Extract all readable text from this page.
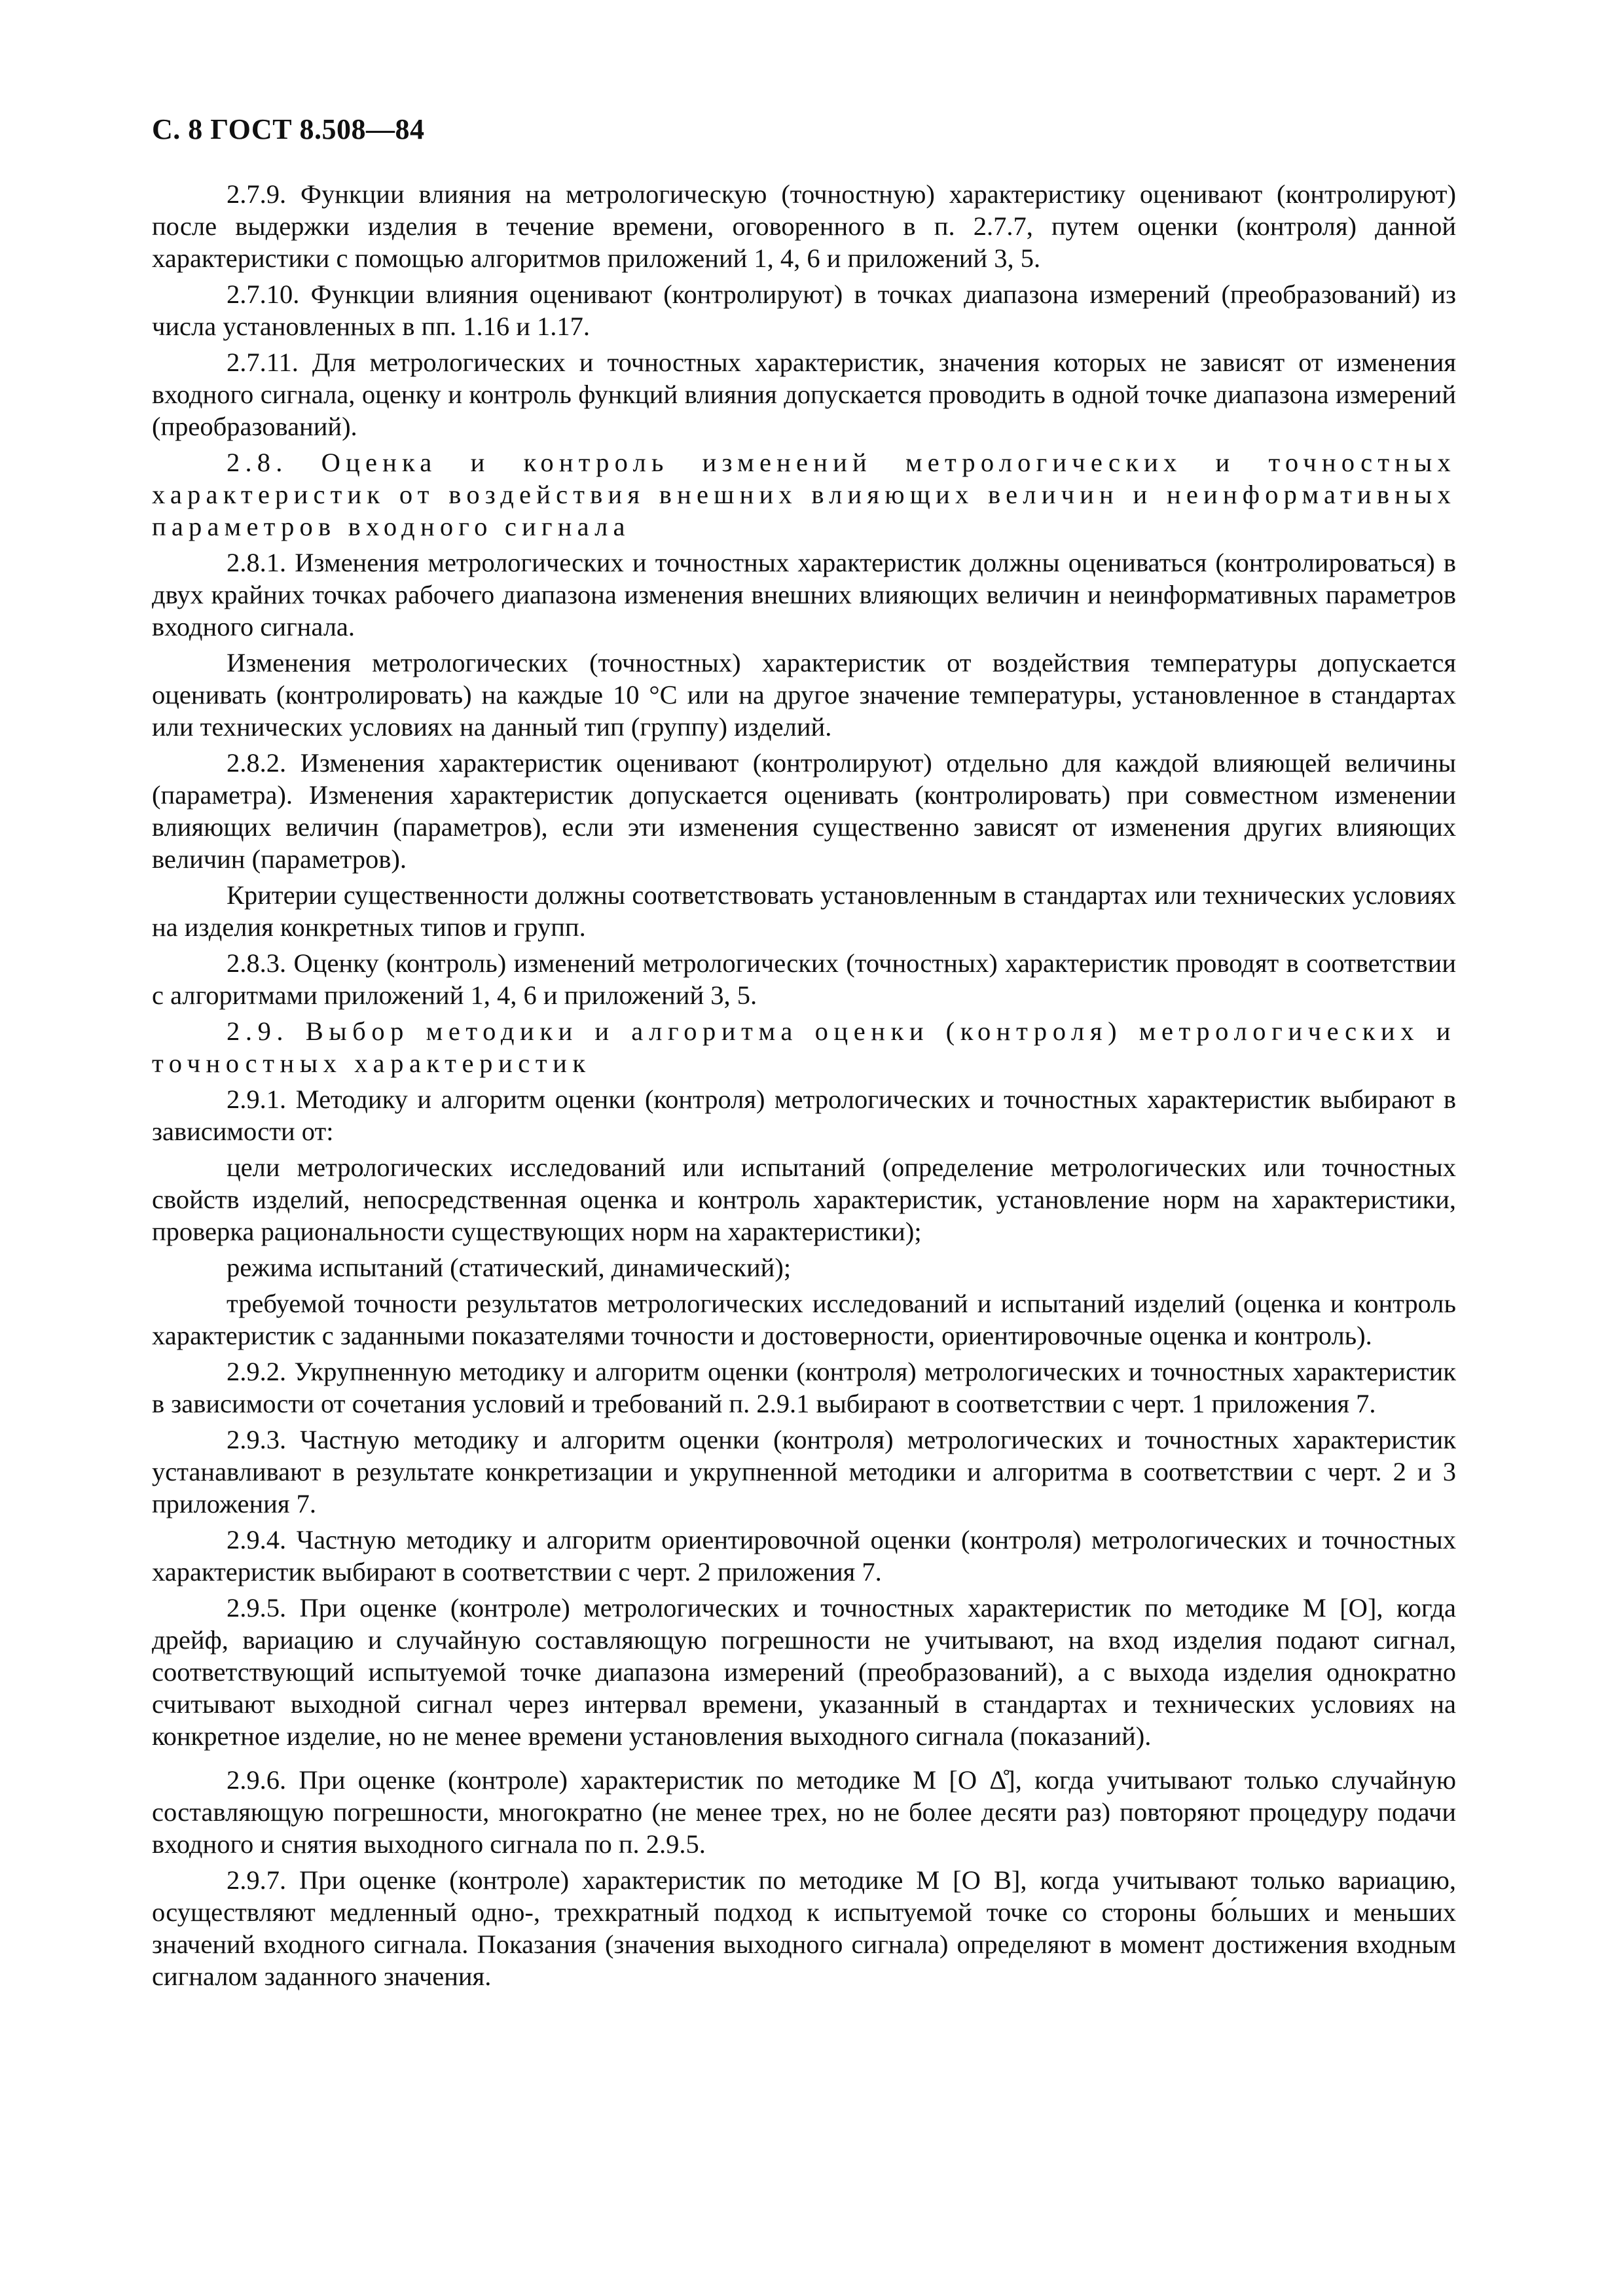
С. 8 ГОСТ 8.508—84

2.7.9. Функции влияния на метрологическую (точностную) характеристику оценивают (контролируют) после выдержки изделия в течение времени, оговоренного в п. 2.7.7, путем оценки (контроля) данной характеристики с помощью алгоритмов приложений 1, 4, 6 и приложений 3, 5.

2.7.10. Функции влияния оценивают (контролируют) в точках диапазона измерений (преобразований) из числа установленных в пп. 1.16 и 1.17.

2.7.11. Для метрологических и точностных характеристик, значения которых не зависят от изменения входного сигнала, оценку и контроль функций влияния допускается проводить в одной точке диапазона измерений (преобразований).

2.8. Оценка и контроль изменений метрологических и точностных характеристик от воздействия внешних влияющих величин и неинформативных параметров входного сигнала

2.8.1. Изменения метрологических и точностных характеристик должны оцениваться (контролироваться) в двух крайних точках рабочего диапазона изменения внешних влияющих величин и неинформативных параметров входного сигнала.

Изменения метрологических (точностных) характеристик от воздействия температуры допускается оценивать (контролировать) на каждые 10 °С или на другое значение температуры, установленное в стандартах или технических условиях на данный тип (группу) изделий.

2.8.2. Изменения характеристик оценивают (контролируют) отдельно для каждой влияющей величины (параметра). Изменения характеристик допускается оценивать (контролировать) при совместном изменении влияющих величин (параметров), если эти изменения существенно зависят от изменения других влияющих величин (параметров).

Критерии существенности должны соответствовать установленным в стандартах или технических условиях на изделия конкретных типов и групп.

2.8.3. Оценку (контроль) изменений метрологических (точностных) характеристик проводят в соответствии с алгоритмами приложений 1, 4, 6 и приложений 3, 5.

2.9. Выбор методики и алгоритма оценки (контроля) метрологических и точностных характеристик

2.9.1. Методику и алгоритм оценки (контроля) метрологических и точностных характеристик выбирают в зависимости от:

цели метрологических исследований или испытаний (определение метрологических или точностных свойств изделий, непосредственная оценка и контроль характеристик, установление норм на характеристики, проверка рациональности существующих норм на характеристики);

режима испытаний (статический, динамический);

требуемой точности результатов метрологических исследований и испытаний изделий (оценка и контроль характеристик с заданными показателями точности и достоверности, ориентировочные оценка и контроль).

2.9.2. Укрупненную методику и алгоритм оценки (контроля) метрологических и точностных характеристик в зависимости от сочетания условий и требований п. 2.9.1 выбирают в соответствии с черт. 1 приложения 7.

2.9.3. Частную методику и алгоритм оценки (контроля) метрологических и точностных характеристик устанавливают в результате конкретизации и укрупненной методики и алгоритма в соответствии с черт. 2 и 3 приложения 7.

2.9.4. Частную методику и алгоритм ориентировочной оценки (контроля) метрологических и точностных характеристик выбирают в соответствии с черт. 2 приложения 7.

2.9.5. При оценке (контроле) метрологических и точностных характеристик по методике М [О], когда дрейф, вариацию и случайную составляющую погрешности не учитывают, на вход изделия подают сигнал, соответствующий испытуемой точке диапазона измерений (преобразований), а с выхода изделия однократно считывают выходной сигнал через интервал времени, указанный в стандартах и технических условиях на конкретное изделие, но не менее времени установления выходного сигнала (показаний).

2.9.6. При оценке (контроле) характеристик по методике М [О Δ̊], когда учитывают только случайную составляющую погрешности, многократно (не менее трех, но не более десяти раз) повторяют процедуру подачи входного и снятия выходного сигнала по п. 2.9.5.

2.9.7. При оценке (контроле) характеристик по методике М [О В], когда учитывают только вариацию, осуществляют медленный одно-, трехкратный подход к испытуемой точке со стороны бо́льших и меньших значений входного сигнала. Показания (значения выходного сигнала) определяют в момент достижения входным сигналом заданного значения.
